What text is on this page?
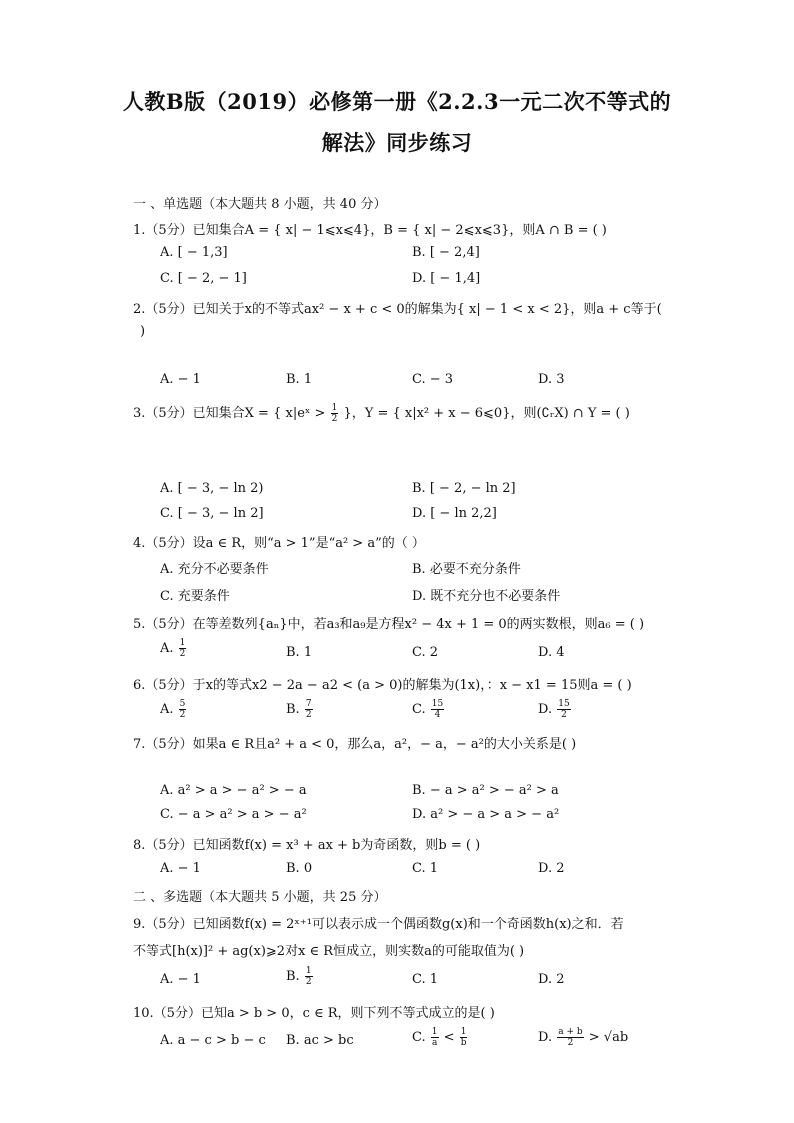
人教B版（2019）必修第一册《2.2.3一元二次不等式的
解法》同步练习
一 、单选题（本大题共 8 小题，共 40 分）
1.（5分）已知集合A = { x| − 1⩽x⩽4}，B = { x| − 2⩽x⩽3}，则A ∩ B = ( )
A. [ − 1,3]	B. [ − 2,4]
C. [ − 2, − 1]	D. [ − 1,4]
2.（5分）已知关于x的不等式ax² − x + c < 0的解集为{ x| − 1 < x < 2}，则a + c等于(
)
A. − 1	B. 1	C. − 3	D. 3
3.（5分）已知集合X = { x|eˣ > $\frac{1}{2}$ }，Y = { x|x² + x − 6⩽0}，则(∁ᵣX) ∩ Y = ( )
A. [ − 3, − ln 2)	B. [ − 2, − ln 2]
C. [ − 3, − ln 2]	D. [ − ln 2,2]
4.（5分）设a ∈ R，则“a > 1”是“a² > a”的（ ）
A. 充分不必要条件	B. 必要不充分条件
C. 充要条件	D. 既不充分也不必要条件
5.（5分）在等差数列{aₙ}中，若a₃和a₉是方程x² − 4x + 1 = 0的两实数根，则a₆ = ( )
A. $\frac{1}{2}$	B. 1	C. 2	D. 4
6.（5分）于x的等式x2 − 2a − a2 < (a > 0)的解集为(1x)，：x − x1 = 15则a = ( )
A. $\frac{5}{2}$	B. $\frac{7}{2}$	C. $\frac{15}{4}$	D. $\frac{15}{2}$
7.（5分）如果a ∈ R且a² + a < 0，那么a，a²，− a，− a²的大小关系是( )
A. a² > a > − a² > − a	B. − a > a² > − a² > a
C. − a > a² > a > − a²	D. a² > − a > a > − a²
8.（5分）已知函数f(x) = x³ + ax + b为奇函数，则b = ( )
A. − 1	B. 0	C. 1	D. 2
二 、多选题（本大题共 5 小题，共 25 分）
9.（5分）已知函数f(x) = 2ˣ⁺¹可以表示成一个偶函数g(x)和一个奇函数h(x)之和．若
不等式[h(x)]² + ag(x)⩾2对x ∈ R恒成立，则实数a的可能取值为( )
A. − 1	B. $\frac{1}{2}$	C. 1	D. 2
10.（5分）已知a > b > 0，c ∈ R，则下列不等式成立的是( )
A. a − c > b − c B. ac > bc	C. $\frac{1}{a} < \frac{1}{b}$	D. $\frac{a + b}{2} > √ab$
